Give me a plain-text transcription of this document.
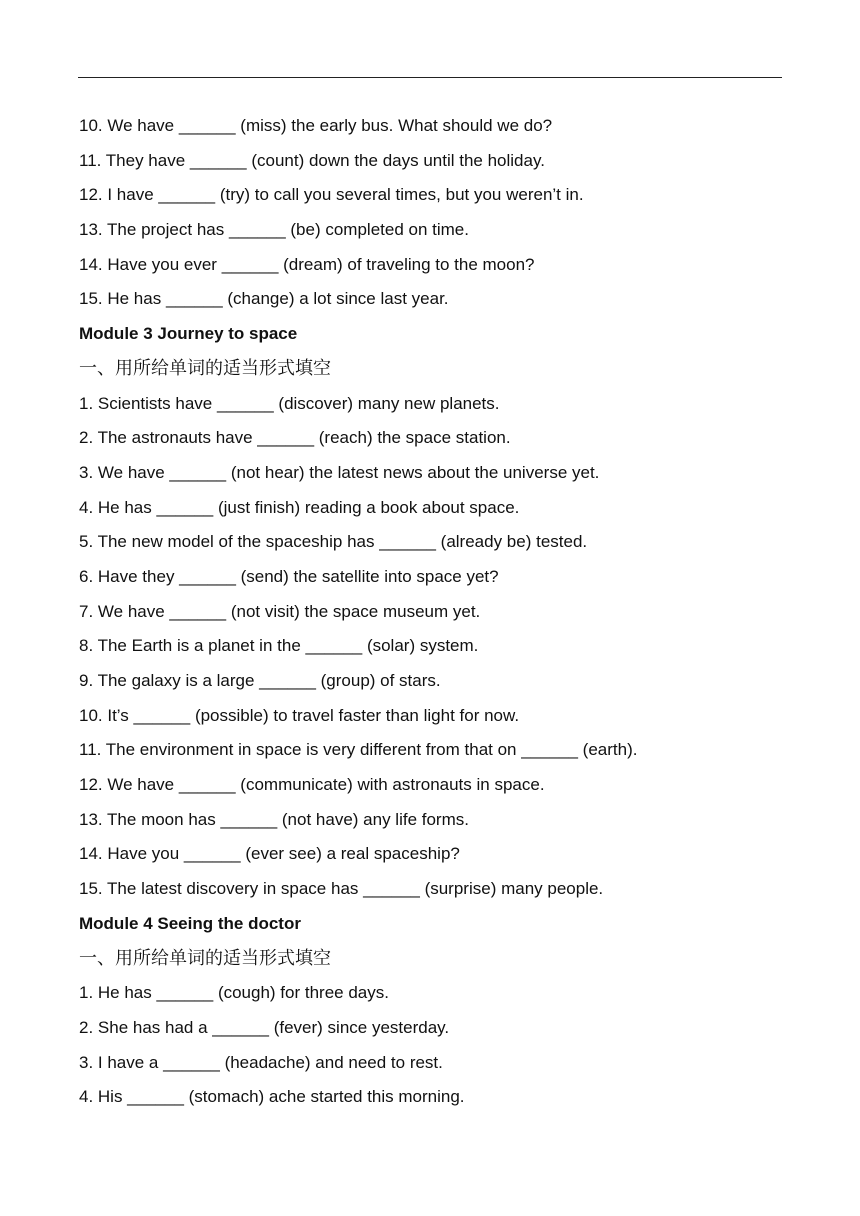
10. We have ______ (miss) the early bus. What should we do?
11. They have ______ (count) down the days until the holiday.
12. I have ______ (try) to call you several times, but you weren’t in.
13. The project has ______ (be) completed on time.
14. Have you ever ______ (dream) of traveling to the moon?
15. He has ______ (change) a lot since last year.
Module 3 Journey to space
一、用所给单词的适当形式填空
1. Scientists have ______ (discover) many new planets.
2. The astronauts have ______ (reach) the space station.
3. We have ______ (not hear) the latest news about the universe yet.
4. He has ______ (just finish) reading a book about space.
5. The new model of the spaceship has ______ (already be) tested.
6. Have they ______ (send) the satellite into space yet?
7. We have ______ (not visit) the space museum yet.
8. The Earth is a planet in the ______ (solar) system.
9. The galaxy is a large ______ (group) of stars.
10. It’s ______ (possible) to travel faster than light for now.
11. The environment in space is very different from that on ______ (earth).
12. We have ______ (communicate) with astronauts in space.
13. The moon has ______ (not have) any life forms.
14. Have you ______ (ever see) a real spaceship?
15. The latest discovery in space has ______ (surprise) many people.
Module 4 Seeing the doctor
一、用所给单词的适当形式填空
1. He has ______ (cough) for three days.
2. She has had a ______ (fever) since yesterday.
3. I have a ______ (headache) and need to rest.
4. His ______ (stomach) ache started this morning.
